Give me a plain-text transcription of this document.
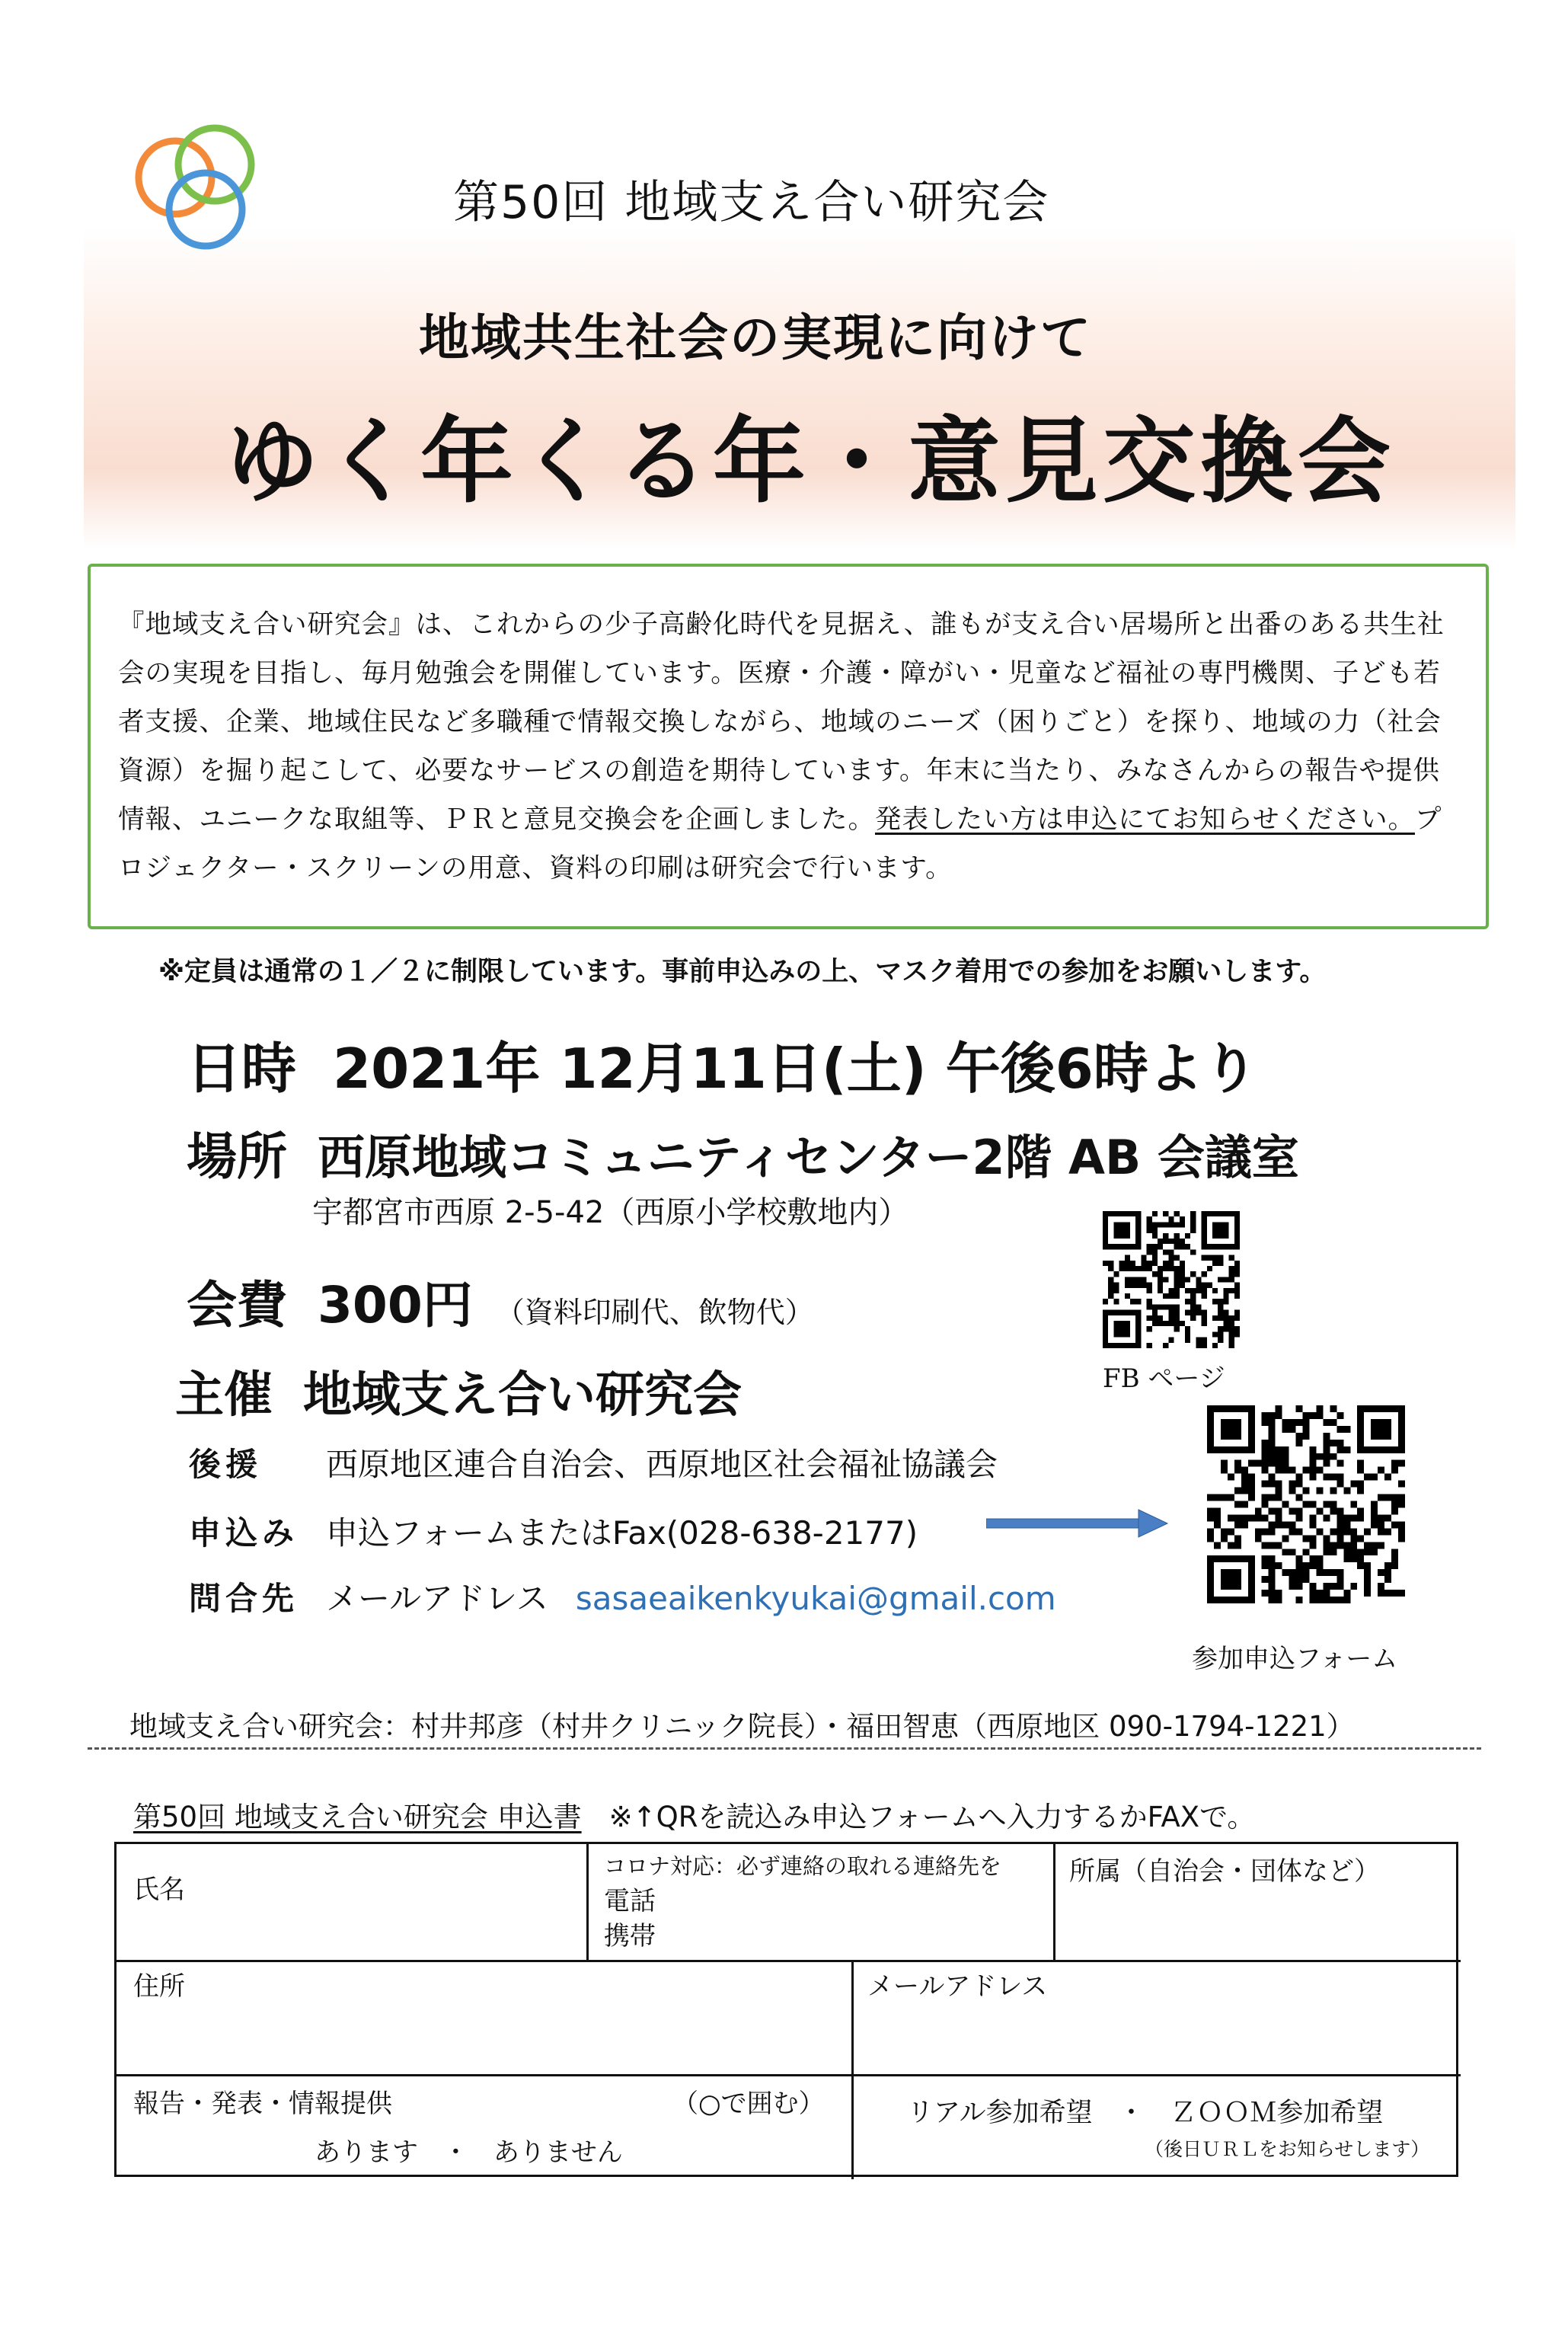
第50回 地域支え合い研究会
地域共生社会の実現に向けて
ゆく年くる年・意見交換会
『地域支え合い研究会』は、これからの少子高齢化時代を見据え、誰もが支え合い居場所と出番のある共生社会の実現を目指し、毎月勉強会を開催しています。医療・介護・障がい・児童など福祉の専門機関、子ども若者支援、企業、地域住民など多職種で情報交換しながら、地域のニーズ（困りごと）を探り、地域の力（社会資源）を掘り起こして、必要なサービスの創造を期待しています。年末に当たり、みなさんからの報告や提供情報、ユニークな取組等、ＰＲと意見交換会を企画しました。発表したい方は申込にてお知らせください。プロジェクター・スクリーンの用意、資料の印刷は研究会で行います。
※定員は通常の１／２に制限しています。事前申込みの上、マスク着用での参加をお願いします。
日時 2021年 12月11日(土) 午後6時より
場所 西原地域コミュニティセンター2階 AB 会議室
宇都宮市西原 2-5-42（西原小学校敷地内）
会費 300円 （資料印刷代、飲物代）
主催 地域支え合い研究会
後援 西原地区連合自治会、西原地区社会福祉協議会
申込み 申込フォームまたはFax(028-638-2177)
問合先 メールアドレス sasaeaikenkyukai@gmail.com
FB ページ
参加申込フォーム
地域支え合い研究会：村井邦彦（村井クリニック院長）・福田智恵（西原地区 090-1794-1221）
第50回 地域支え合い研究会 申込書 ※↑QRを読込み申込フォームへ入力するかFAXで。
氏名
コロナ対応：必ず連絡の取れる連絡先を
電話
携帯
所属（自治会・団体など）
住所	メールアドレス
報告・発表・情報提供	（○で囲む）
あります   ・   ありません
リアル参加希望   ・   ＺＯＯＭ参加希望
（後日ＵＲＬをお知らせします）
